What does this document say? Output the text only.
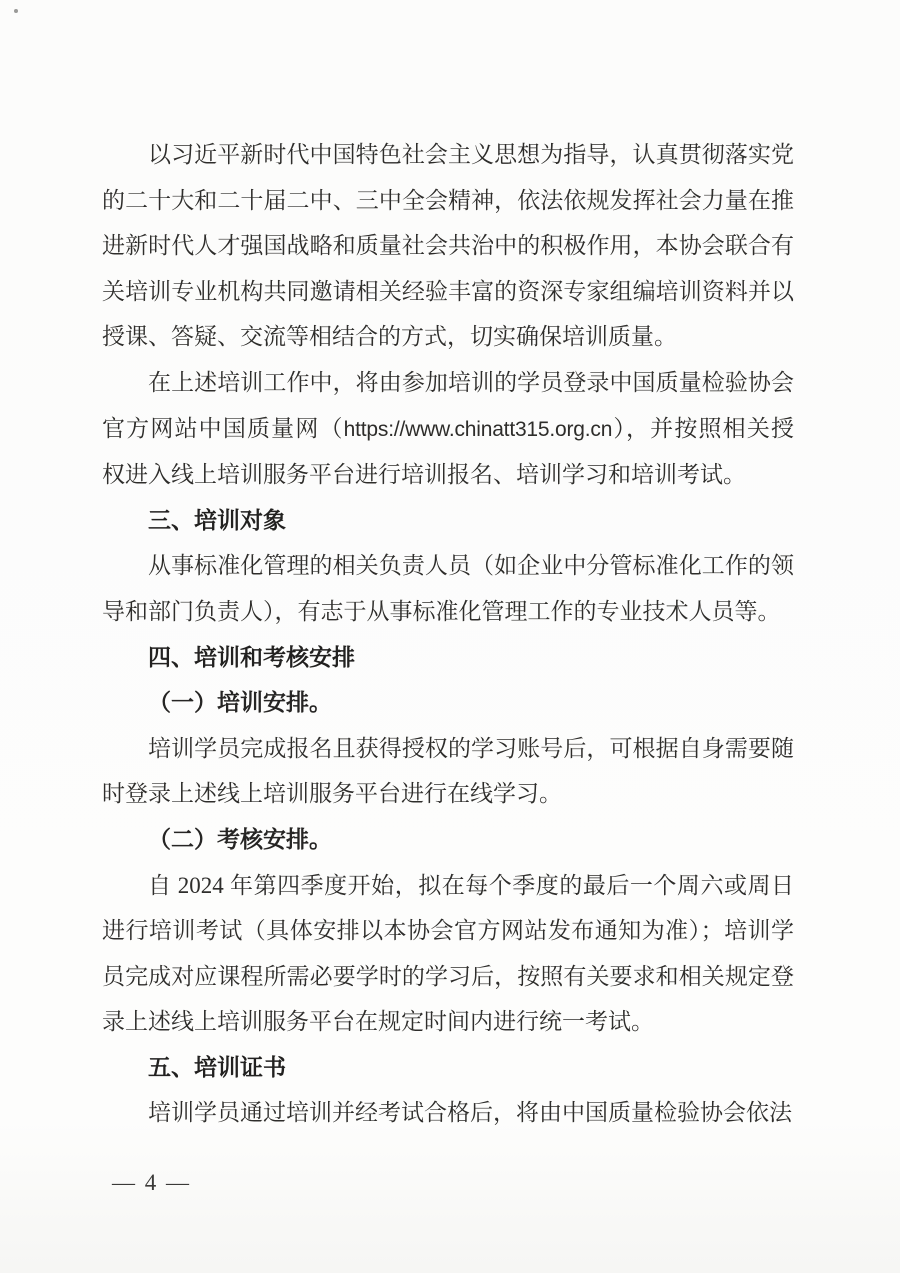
以习近平新时代中国特色社会主义思想为指导，认真贯彻落实党的二十大和二十届二中、三中全会精神，依法依规发挥社会力量在推进新时代人才强国战略和质量社会共治中的积极作用，本协会联合有关培训专业机构共同邀请相关经验丰富的资深专家组编培训资料并以授课、答疑、交流等相结合的方式，切实确保培训质量。

在上述培训工作中，将由参加培训的学员登录中国质量检验协会官方网站中国质量网（https://www.chinatt315.org.cn），并按照相关授权进入线上培训服务平台进行培训报名、培训学习和培训考试。

三、培训对象

从事标准化管理的相关负责人员（如企业中分管标准化工作的领导和部门负责人），有志于从事标准化管理工作的专业技术人员等。

四、培训和考核安排
（一）培训安排。

培训学员完成报名且获得授权的学习账号后，可根据自身需要随时登录上述线上培训服务平台进行在线学习。

（二）考核安排。

自 2024 年第四季度开始，拟在每个季度的最后一个周六或周日进行培训考试（具体安排以本协会官方网站发布通知为准）；培训学员完成对应课程所需必要学时的学习后，按照有关要求和相关规定登录上述线上培训服务平台在规定时间内进行统一考试。

五、培训证书

培训学员通过培训并经考试合格后，将由中国质量检验协会依法

— 4 —
